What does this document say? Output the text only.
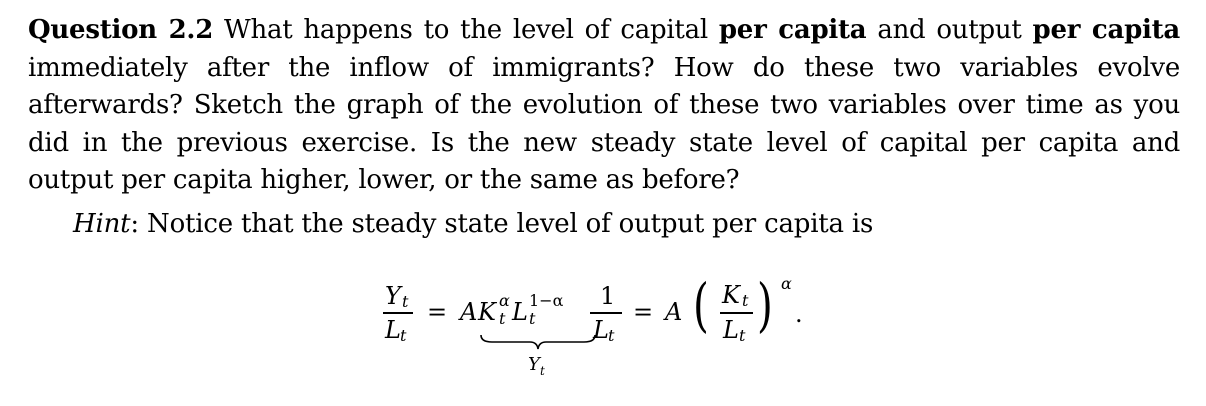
Question 2.2 What happens to the level of capital per capita and output per capita immediately after the inflow of immigrants? How do these two variables evolve afterwards? Sketch the graph of the evolution of these two variables over time as you did in the previous exercise. Is the new steady state level of capital per capita and output per capita higher, lower, or the same as before?

Hint: Notice that the steady state level of output per capita is

Y t
L t
= A K α
t L 1−α
t
1
L t
Y t
= A ( K t
L t ) α
.
